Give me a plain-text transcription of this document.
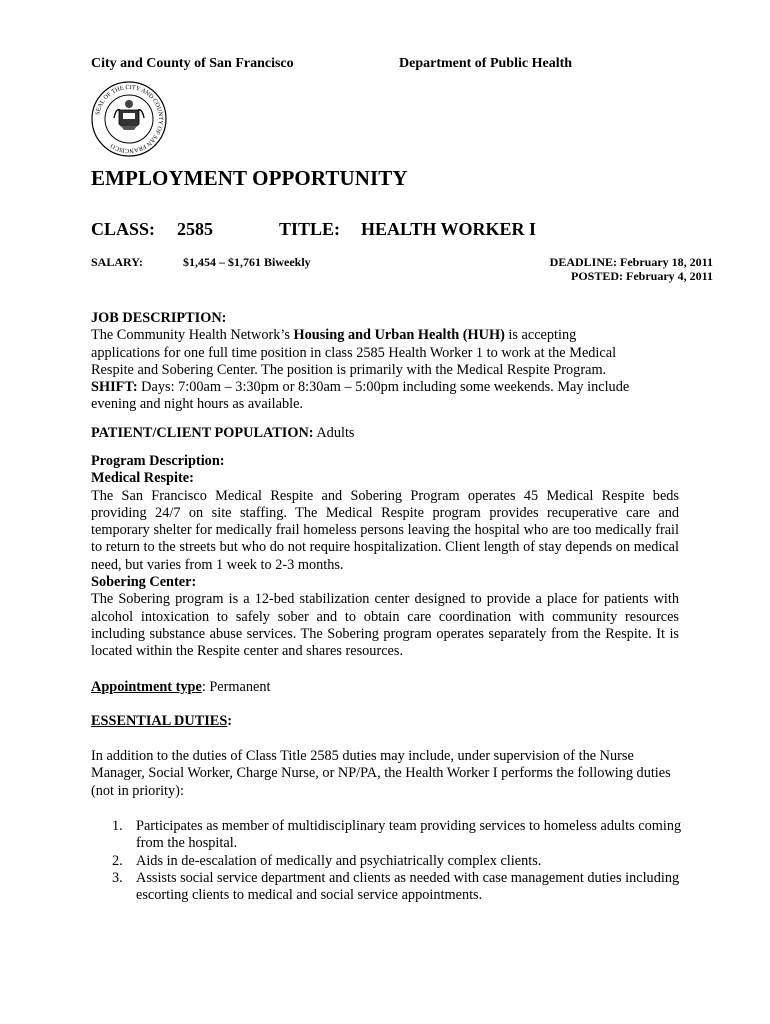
City and County of San Francisco	Department of Public Health
SEAL OF THE CITY AND COUNTY OF SAN FRANCISCO
EMPLOYMENT OPPORTUNITY
CLASS: 2585	TITLE: HEALTH WORKER I
SALARY:	$1,454 – $1,761 Biweekly	DEADLINE: February 18, 2011
POSTED: February 4, 2011
JOB DESCRIPTION:
The Community Health Network’s Housing and Urban Health (HUH) is accepting
applications for one full time position in class 2585 Health Worker 1 to work at the Medical
Respite and Sobering Center. The position is primarily with the Medical Respite Program.
SHIFT: Days: 7:00am – 3:30pm or 8:30am – 5:00pm including some weekends. May include
evening and night hours as available.
PATIENT/CLIENT POPULATION: Adults
Program Description:
Medical Respite:
The San Francisco Medical Respite and Sobering Program operates 45 Medical Respite beds providing 24/7 on site staffing. The Medical Respite program provides recuperative care and temporary shelter for medically frail homeless persons leaving the hospital who are too medically frail to return to the streets but who do not require hospitalization. Client length of stay depends on medical need, but varies from 1 week to 2-3 months.
Sobering Center:
The Sobering program is a 12-bed stabilization center designed to provide a place for patients with alcohol intoxication to safely sober and to obtain care coordination with community resources including substance abuse services. The Sobering program operates separately from the Respite. It is located within the Respite center and shares resources.
Appointment type: Permanent
ESSENTIAL DUTIES:
In addition to the duties of Class Title 2585 duties may include, under supervision of the Nurse Manager, Social Worker, Charge Nurse, or NP/PA, the Health Worker I performs the following duties (not in priority):
1. Participates as member of multidisciplinary team providing services to homeless adults coming from the hospital.
2. Aids in de-escalation of medically and psychiatrically complex clients.
3. Assists social service department and clients as needed with case management duties including escorting clients to medical and social service appointments.
